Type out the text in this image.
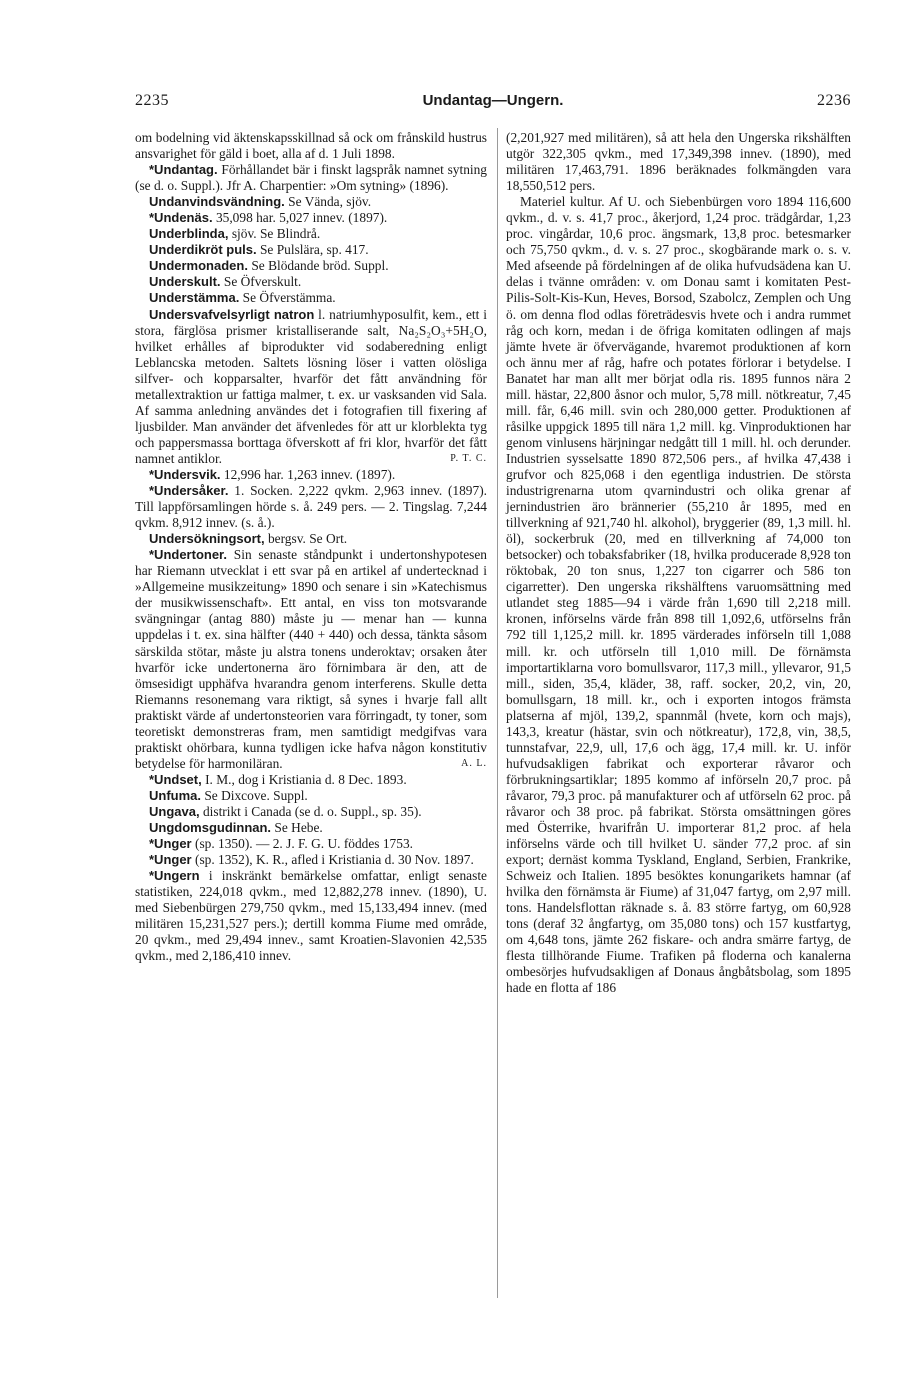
2235	Undantag—Ungern.	2236

om bodelning vid äktenskapsskillnad så ock om frånskild hustrus ansvarighet för gäld i boet, alla af d. 1 Juli 1898.

*Undantag. Förhållandet bär i finskt lagspråk namnet sytning (se d. o. Suppl.). Jfr A. Charpentier: »Om sytning» (1896).

Undanvindsvändning. Se Vända, sjöv.

*Undenäs. 35,098 har. 5,027 innev. (1897).

Underblinda, sjöv. Se Blindrå.

Underdikröt puls. Se Pulslära, sp. 417.

Undermonaden. Se Blödande bröd. Suppl.

Underskult. Se Öfverskult.

Understämma. Se Öfverstämma.

Undersvafvelsyrligt natron l. natriumhyposulfit, kem., ett i stora, färglösa prismer kristalliserande salt, Na₂S₂O₃+5H₂O, hvilket erhålles af biprodukter vid sodaberedning enligt Leblancska metoden. Saltets lösning löser i vatten olösliga silfver- och kopparsalter, hvarför det fått användning för metallextraktion ur fattiga malmer, t. ex. ur vasksanden vid Sala. Af samma anledning användes det i fotografien till fixering af ljusbilder. Man använder det äfvenledes för att ur klorblekta tyg och pappersmassa borttaga öfverskott af fri klor, hvarför det fått namnet antiklor.	P. T. C.

*Undersvik. 12,996 har. 1,263 innev. (1897).

*Undersåker. 1. Socken. 2,222 qvkm. 2,963 innev. (1897). Till lappförsamlingen hörde s. å. 249 pers. — 2. Tingslag. 7,244 qvkm. 8,912 innev. (s. å.).

Undersökningsort, bergsv. Se Ort.

*Undertoner. Sin senaste ståndpunkt i undertonshypotesen har Riemann utvecklat i ett svar på en artikel af undertecknad i »Allgemeine musikzeitung» 1890 och senare i sin »Katechismus der musikwissenschaft». Ett antal, en viss ton motsvarande svängningar (antag 880) måste ju — menar han — kunna uppdelas i t. ex. sina hälfter (440 + 440) och dessa, tänkta såsom särskilda stötar, måste ju alstra tonens underoktav; orsaken åter hvarför icke undertonerna äro förnimbara är den, att de ömsesidigt upphäfva hvarandra genom interferens. Skulle detta Riemanns resonemang vara riktigt, så synes i hvarje fall allt praktiskt värde af undertonsteorien vara förringadt, ty toner, som teoretiskt demonstreras fram, men samtidigt medgifvas vara praktiskt ohörbara, kunna tydligen icke hafva någon konstitutiv betydelse för harmoniläran.	A. L.

*Undset, I. M., dog i Kristiania d. 8 Dec. 1893.

Unfuma. Se Dixcove. Suppl.

Ungava, distrikt i Canada (se d. o. Suppl., sp. 35).

Ungdomsgudinnan. Se Hebe.

*Unger (sp. 1350). — 2. J. F. G. U. föddes 1753.

*Unger (sp. 1352), K. R., afled i Kristiania d. 30 Nov. 1897.

*Ungern i inskränkt bemärkelse omfattar, enligt senaste statistiken, 224,018 qvkm., med 12,882,278 innev. (1890), U. med Siebenbürgen 279,750 qvkm., med 15,133,494 innev. (med militären 15,231,527 pers.); dertill komma Fiume med område, 20 qvkm., med 29,494 innev., samt Kroatien-Slavonien 42,535 qvkm., med 2,186,410 innev.

(2,201,927 med militären), så att hela den Ungerska rikshälften utgör 322,305 qvkm., med 17,349,398 innev. (1890), med militären 17,463,791. 1896 beräknades folkmängden vara 18,550,512 pers.

Materiel kultur. Af U. och Siebenbürgen voro 1894 116,600 qvkm., d. v. s. 41,7 proc., åkerjord, 1,24 proc. trädgårdar, 1,23 proc. vingårdar, 10,6 proc. ängsmark, 13,8 proc. betesmarker och 75,750 qvkm., d. v. s. 27 proc., skogbärande mark o. s. v. Med afseende på fördelningen af de olika hufvudsädena kan U. delas i tvänne områden: v. om Donau samt i komitaten Pest-Pilis-Solt-Kis-Kun, Heves, Borsod, Szabolcz, Zemplen och Ung ö. om denna flod odlas företrädesvis hvete och i andra rummet råg och korn, medan i de öfriga komitaten odlingen af majs jämte hvete är öfvervägande, hvaremot produktionen af korn och ännu mer af råg, hafre och potates förlorar i betydelse. I Banatet har man allt mer börjat odla ris. 1895 funnos nära 2 mill. hästar, 22,800 åsnor och mulor, 5,78 mill. nötkreatur, 7,45 mill. får, 6,46 mill. svin och 280,000 getter. Produktionen af råsilke uppgick 1895 till nära 1,2 mill. kg. Vinproduktionen har genom vinlusens härjningar nedgått till 1 mill. hl. och derunder. Industrien sysselsatte 1890 872,506 pers., af hvilka 47,438 i grufvor och 825,068 i den egentliga industrien. De största industrigrenarna utom qvarnindustri och olika grenar af jernindustrien äro brännerier (55,210 år 1895, med en tillverkning af 921,740 hl. alkohol), bryggerier (89, 1,3 mill. hl. öl), sockerbruk (20, med en tillverkning af 74,000 ton betsocker) och tobaksfabriker (18, hvilka producerade 8,928 ton röktobak, 20 ton snus, 1,227 ton cigarrer och 586 ton cigarretter). Den ungerska rikshälftens varuomsättning med utlandet steg 1885—94 i värde från 1,690 till 2,218 mill. kronen, införselns värde från 898 till 1,092,6, utförselns från 792 till 1,125,2 mill. kr. 1895 värderades införseln till 1,088 mill. kr. och utförseln till 1,010 mill. De förnämsta importartiklarna voro bomullsvaror, 117,3 mill., yllevaror, 91,5 mill., siden, 35,4, kläder, 38, raff. socker, 20,2, vin, 20, bomullsgarn, 18 mill. kr., och i exporten intogos främsta platserna af mjöl, 139,2, spannmål (hvete, korn och majs), 143,3, kreatur (hästar, svin och nötkreatur), 172,8, vin, 38,5, tunnstafvar, 22,9, ull, 17,6 och ägg, 17,4 mill. kr. U. inför hufvudsakligen fabrikat och exporterar råvaror och förbrukningsartiklar; 1895 kommo af införseln 20,7 proc. på råvaror, 79,3 proc. på manufakturer och af utförseln 62 proc. på råvaror och 38 proc. på fabrikat. Största omsättningen göres med Österrike, hvarifrån U. importerar 81,2 proc. af hela införselns värde och till hvilket U. sänder 77,2 proc. af sin export; dernäst komma Tyskland, England, Serbien, Frankrike, Schweiz och Italien. 1895 besöktes konungarikets hamnar (af hvilka den förnämsta är Fiume) af 31,047 fartyg, om 2,97 mill. tons. Handelsflottan räknade s. å. 83 större fartyg, om 60,928 tons (deraf 32 ångfartyg, om 35,080 tons) och 157 kustfartyg, om 4,648 tons, jämte 262 fiskare- och andra smärre fartyg, de flesta tillhörande Fiume. Trafiken på floderna och kanalerna ombesörjes hufvudsakligen af Donaus ångbåtsbolag, som 1895 hade en flotta af 186
